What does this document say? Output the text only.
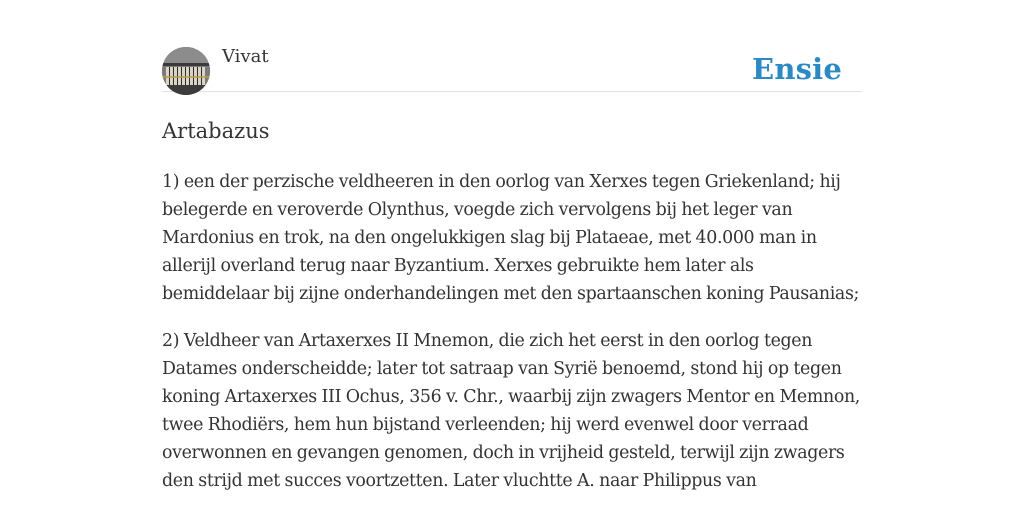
Vivat	Ensie
Artabazus

1) een der perzische veldheeren in den oorlog van Xerxes tegen Griekenland; hij belegerde en veroverde Olynthus, voegde zich vervolgens bij het leger van Mardonius en trok, na den ongelukkigen slag bij Plataeae, met 40.000 man in allerijl overland terug naar Byzantium. Xerxes gebruikte hem later als bemiddelaar bij zijne onderhandelingen met den spartaanschen koning Pausanias;

2) Veldheer van Artaxerxes II Mnemon, die zich het eerst in den oorlog tegen Datames onderscheidde; later tot satraap van Syrië benoemd, stond hij op tegen koning Artaxerxes III Ochus, 356 v. Chr., waarbij zijn zwagers Mentor en Memnon, twee Rhodiërs, hem hun bijstand verleenden; hij werd evenwel door verraad overwonnen en gevangen genomen, doch in vrijheid gesteld, terwijl zijn zwagers den strijd met succes voortzetten. Later vluchtte A. naar Philippus van
